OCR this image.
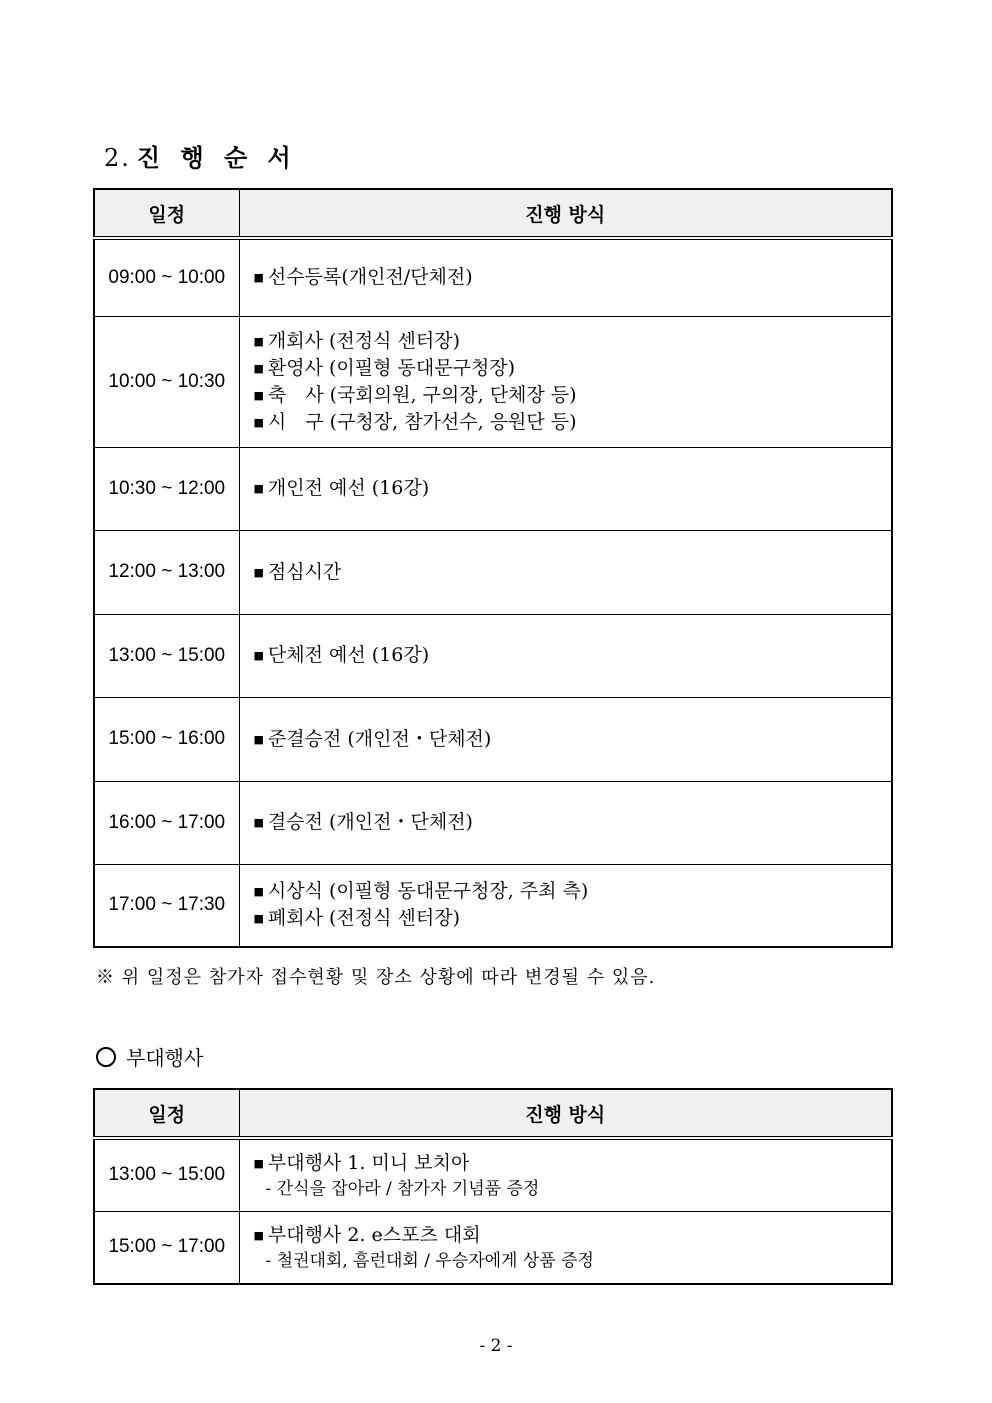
2. 진 행 순 서
일정	진행 방식
09:00 ~ 10:00	■ 선수등록(개인전/단체전)

10:00 ~ 10:30	■ 개회사 (전정식 센터장)
■ 환영사 (이필형 동대문구청장)
■ 축　사 (국회의원, 구의장, 단체장 등)
■ 시　구 (구청장, 참가선수, 응원단 등)

10:30 ~ 12:00	■ 개인전 예선 (16강)

12:00 ~ 13:00	■ 점심시간

13:00 ~ 15:00	■ 단체전 예선 (16강)

15:00 ~ 16:00	■ 준결승전 (개인전・단체전)

16:00 ~ 17:00	■ 결승전 (개인전・단체전)

17:00 ~ 17:30	■ 시상식 (이필형 동대문구청장, 주최 측)
■ 폐회사 (전정식 센터장)
※ 위 일정은 참가자 접수현황 및 장소 상황에 따라 변경될 수 있음.
부대행사
일정	진행 방식
13:00 ~ 15:00	■ 부대행사 1. 미니 보치아
- 간식을 잡아라 / 참가자 기념품 증정

15:00 ~ 17:00	■ 부대행사 2. e스포츠 대회
- 철권대회, 흠런대회 / 우승자에게 상품 증정
- 2 -
